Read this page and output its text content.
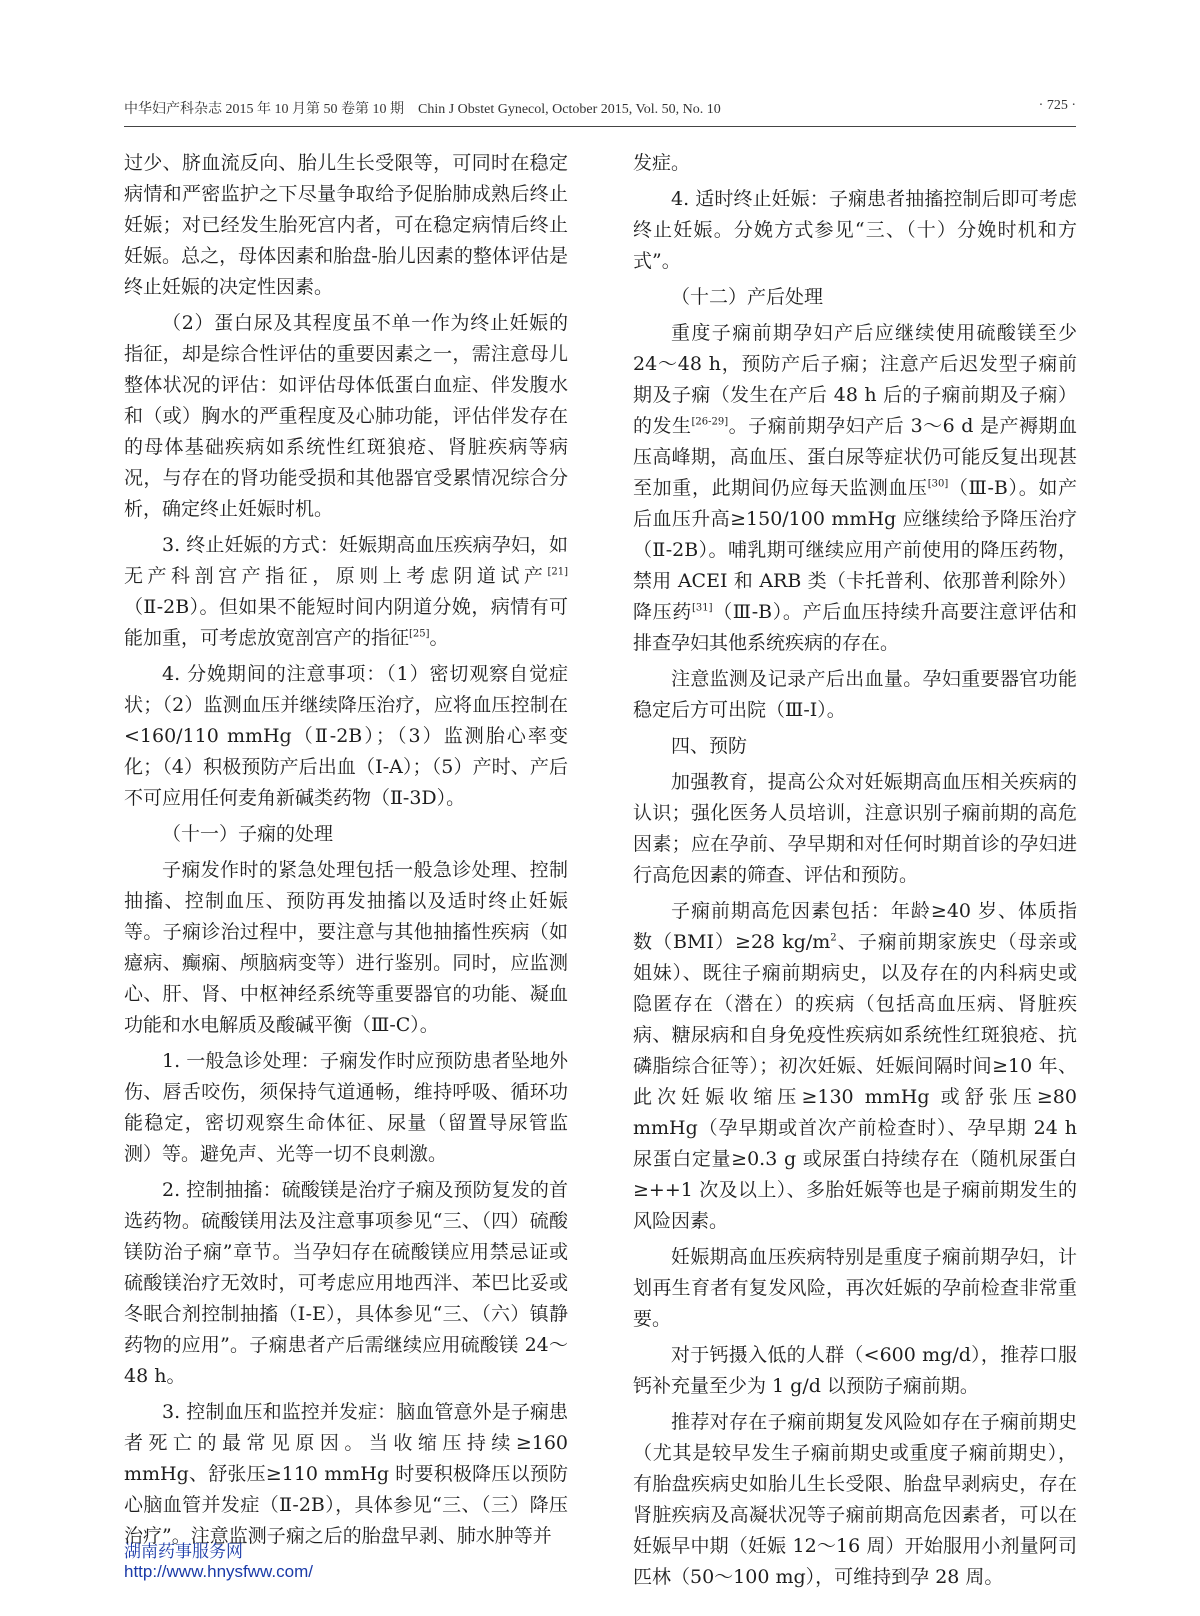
中华妇产科杂志 2015 年 10 月第 50 卷第 10 期　Chin J Obstet Gynecol, October 2015, Vol. 50, No. 10	· 725 ·

过少、脐血流反向、胎儿生长受限等，可同时在稳定病情和严密监护之下尽量争取给予促胎肺成熟后终止妊娠；对已经发生胎死宫内者，可在稳定病情后终止妊娠。总之，母体因素和胎盘-胎儿因素的整体评估是终止妊娠的决定性因素。

（2）蛋白尿及其程度虽不单一作为终止妊娠的指征，却是综合性评估的重要因素之一，需注意母儿整体状况的评估：如评估母体低蛋白血症、伴发腹水和（或）胸水的严重程度及心肺功能，评估伴发存在的母体基础疾病如系统性红斑狼疮、肾脏疾病等病况，与存在的肾功能受损和其他器官受累情况综合分析，确定终止妊娠时机。

3. 终止妊娠的方式：妊娠期高血压疾病孕妇，如无产科剖宫产指征，原则上考虑阴道试产[21]（Ⅱ-2B）。但如果不能短时间内阴道分娩，病情有可能加重，可考虑放宽剖宫产的指征[25]。

4. 分娩期间的注意事项：（1）密切观察自觉症状；（2）监测血压并继续降压治疗，应将血压控制在<160/110 mmHg（Ⅱ-2B）；（3）监测胎心率变化；（4）积极预防产后出血（Ⅰ-A）；（5）产时、产后不可应用任何麦角新碱类药物（Ⅱ-3D）。

（十一）子痫的处理

子痫发作时的紧急处理包括一般急诊处理、控制抽搐、控制血压、预防再发抽搐以及适时终止妊娠等。子痫诊治过程中，要注意与其他抽搐性疾病（如癔病、癫痫、颅脑病变等）进行鉴别。同时，应监测心、肝、肾、中枢神经系统等重要器官的功能、凝血功能和水电解质及酸碱平衡（Ⅲ-C）。

1. 一般急诊处理：子痫发作时应预防患者坠地外伤、唇舌咬伤，须保持气道通畅，维持呼吸、循环功能稳定，密切观察生命体征、尿量（留置导尿管监测）等。避免声、光等一切不良刺激。

2. 控制抽搐：硫酸镁是治疗子痫及预防复发的首选药物。硫酸镁用法及注意事项参见“三、（四）硫酸镁防治子痫”章节。当孕妇存在硫酸镁应用禁忌证或硫酸镁治疗无效时，可考虑应用地西泮、苯巴比妥或冬眠合剂控制抽搐（Ⅰ-E），具体参见“三、（六）镇静药物的应用”。子痫患者产后需继续应用硫酸镁 24～48 h。

3. 控制血压和监控并发症：脑血管意外是子痫患者死亡的最常见原因。当收缩压持续≥160 mmHg、舒张压≥110 mmHg 时要积极降压以预防心脑血管并发症（Ⅱ-2B），具体参见“三、（三）降压治疗”。注意监测子痫之后的胎盘早剥、肺水肿等并

发症。

4. 适时终止妊娠：子痫患者抽搐控制后即可考虑终止妊娠。分娩方式参见“三、（十）分娩时机和方式”。

（十二）产后处理

重度子痫前期孕妇产后应继续使用硫酸镁至少 24～48 h，预防产后子痫；注意产后迟发型子痫前期及子痫（发生在产后 48 h 后的子痫前期及子痫）的发生[26-29]。子痫前期孕妇产后 3～6 d 是产褥期血压高峰期，高血压、蛋白尿等症状仍可能反复出现甚至加重，此期间仍应每天监测血压[30]（Ⅲ-B）。如产后血压升高≥150/100 mmHg 应继续给予降压治疗（Ⅱ-2B）。哺乳期可继续应用产前使用的降压药物，禁用 ACEI 和 ARB 类（卡托普利、依那普利除外）降压药[31]（Ⅲ-B）。产后血压持续升高要注意评估和排查孕妇其他系统疾病的存在。

注意监测及记录产后出血量。孕妇重要器官功能稳定后方可出院（Ⅲ-I）。

四、预防

加强教育，提高公众对妊娠期高血压相关疾病的认识；强化医务人员培训，注意识别子痫前期的高危因素；应在孕前、孕早期和对任何时期首诊的孕妇进行高危因素的筛查、评估和预防。

子痫前期高危因素包括：年龄≥40 岁、体质指数（BMI）≥28 $kg/m^2$、子痫前期家族史（母亲或姐妹）、既往子痫前期病史，以及存在的内科病史或隐匿存在（潜在）的疾病（包括高血压病、肾脏疾病、糖尿病和自身免疫性疾病如系统性红斑狼疮、抗磷脂综合征等）；初次妊娠、妊娠间隔时间≥10 年、此次妊娠收缩压≥130 mmHg 或舒张压≥80 mmHg（孕早期或首次产前检查时）、孕早期 24 h 尿蛋白定量≥0.3 g 或尿蛋白持续存在（随机尿蛋白≥++1 次及以上）、多胎妊娠等也是子痫前期发生的风险因素。

妊娠期高血压疾病特别是重度子痫前期孕妇，计划再生育者有复发风险，再次妊娠的孕前检查非常重要。

对于钙摄入低的人群（<600 mg/d），推荐口服钙补充量至少为 1 g/d 以预防子痫前期。

推荐对存在子痫前期复发风险如存在子痫前期史（尤其是较早发生子痫前期史或重度子痫前期史），有胎盘疾病史如胎儿生长受限、胎盘早剥病史，存在肾脏疾病及高凝状况等子痫前期高危因素者，可以在妊娠早中期（妊娠 12～16 周）开始服用小剂量阿司匹林（50～100 mg），可维持到孕 28 周。

湖南药事服务网
http://www.hnysfww.com/
